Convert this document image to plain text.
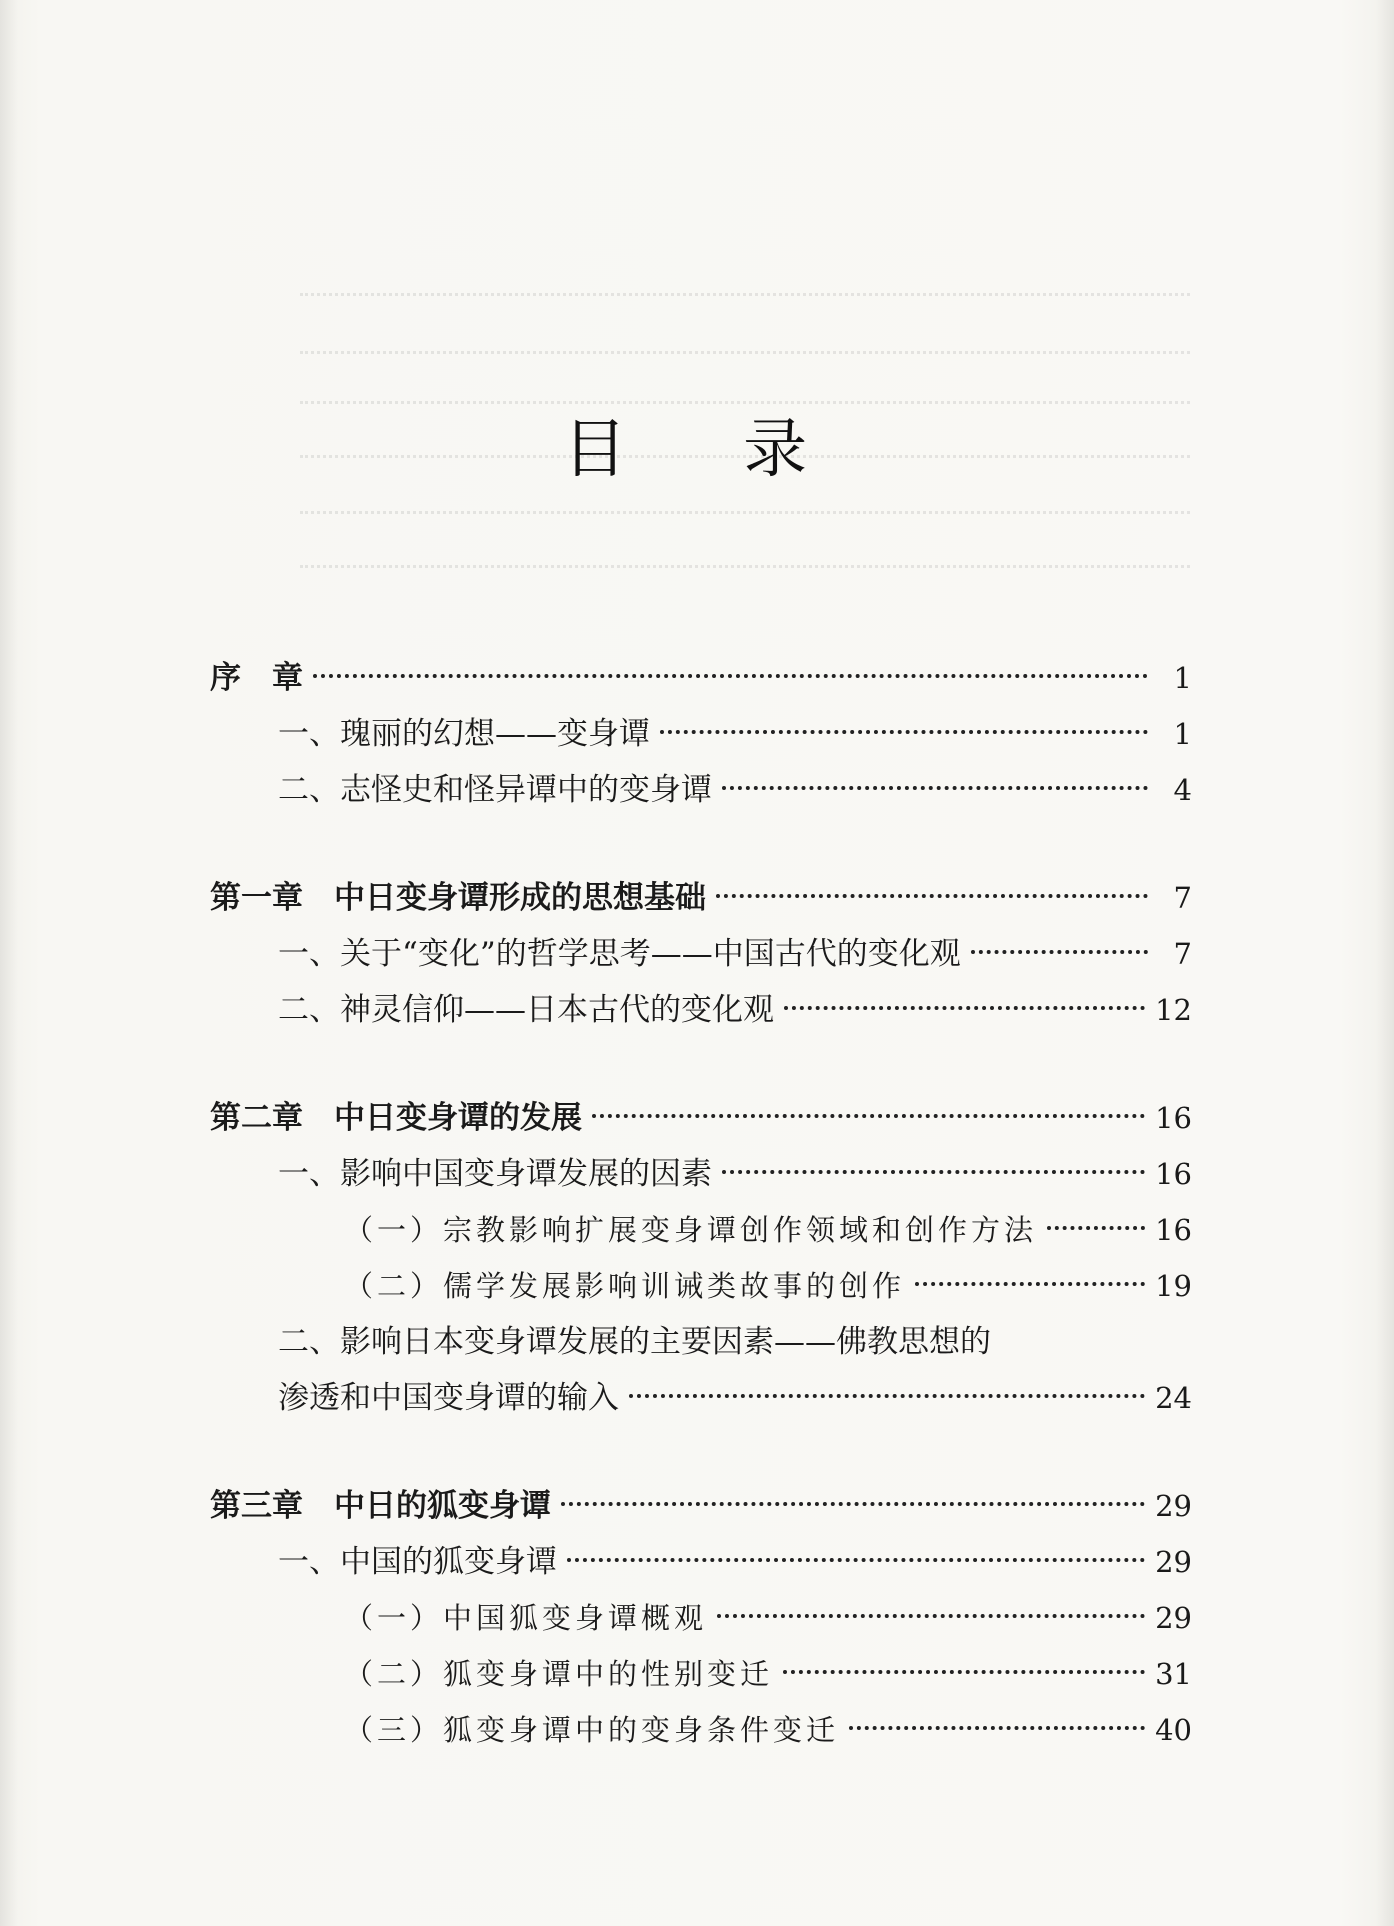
目 录
序　章	1
一、瑰丽的幻想——变身谭	1
二、志怪史和怪异谭中的变身谭	4
第一章　中日变身谭形成的思想基础	7
一、关于“变化”的哲学思考——中国古代的变化观	7
二、神灵信仰——日本古代的变化观	12
第二章　中日变身谭的发展	16
一、影响中国变身谭发展的因素	16
（一）宗教影响扩展变身谭创作领域和创作方法	16
（二）儒学发展影响训诫类故事的创作	19
二、影响日本变身谭发展的主要因素——佛教思想的
渗透和中国变身谭的输入	24
第三章　中日的狐变身谭	29
一、中国的狐变身谭	29
（一）中国狐变身谭概观	29
（二）狐变身谭中的性别变迁	31
（三）狐变身谭中的变身条件变迁	40
